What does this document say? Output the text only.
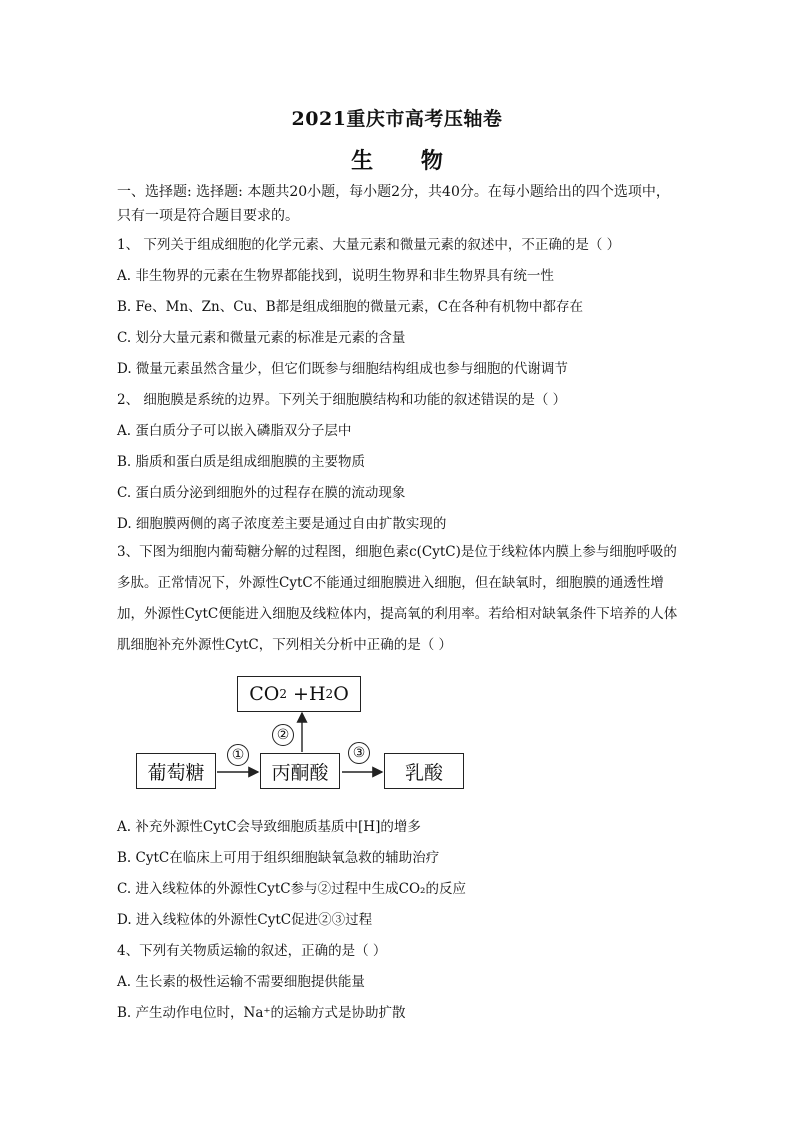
2021重庆市高考压轴卷
生 物
一、选择题: 选择题: 本题共20小题，每小题2分，共40分。在每小题给出的四个选项中，只有一项是符合题目要求的。
1、 下列关于组成细胞的化学元素、大量元素和微量元素的叙述中，不正确的是（ ）
A. 非生物界的元素在生物界都能找到，说明生物界和非生物界具有统一性
B. Fe、Mn、Zn、Cu、B都是组成细胞的微量元素，C在各种有机物中都存在
C. 划分大量元素和微量元素的标准是元素的含量
D. 微量元素虽然含量少，但它们既参与细胞结构组成也参与细胞的代谢调节
2、 细胞膜是系统的边界。下列关于细胞膜结构和功能的叙述错误的是（ ）
A. 蛋白质分子可以嵌入磷脂双分子层中
B. 脂质和蛋白质是组成细胞膜的主要物质
C. 蛋白质分泌到细胞外的过程存在膜的流动现象
D. 细胞膜两侧的离子浓度差主要是通过自由扩散实现的
3、下图为细胞内葡萄糖分解的过程图，细胞色素c(CytC)是位于线粒体内膜上参与细胞呼吸的多肽。正常情况下，外源性CytC不能通过细胞膜进入细胞，但在缺氧时，细胞膜的通透性增加，外源性CytC便能进入细胞及线粒体内，提高氧的利用率。若给相对缺氧条件下培养的人体肌细胞补充外源性CytC，下列相关分析中正确的是（ ）
CO 2
+H 2 O
葡萄糖	丙酮酸	乳酸
①
②
③
A. 补充外源性CytC会导致细胞质基质中[H]的增多
B. CytC在临床上可用于组织细胞缺氧急救的辅助治疗
C. 进入线粒体的外源性CytC参与②过程中生成CO₂的反应
D. 进入线粒体的外源性CytC促进②③过程
4、下列有关物质运输的叙述，正确的是（ ）
A. 生长素的极性运输不需要细胞提供能量
B. 产生动作电位时，Na⁺的运输方式是协助扩散
